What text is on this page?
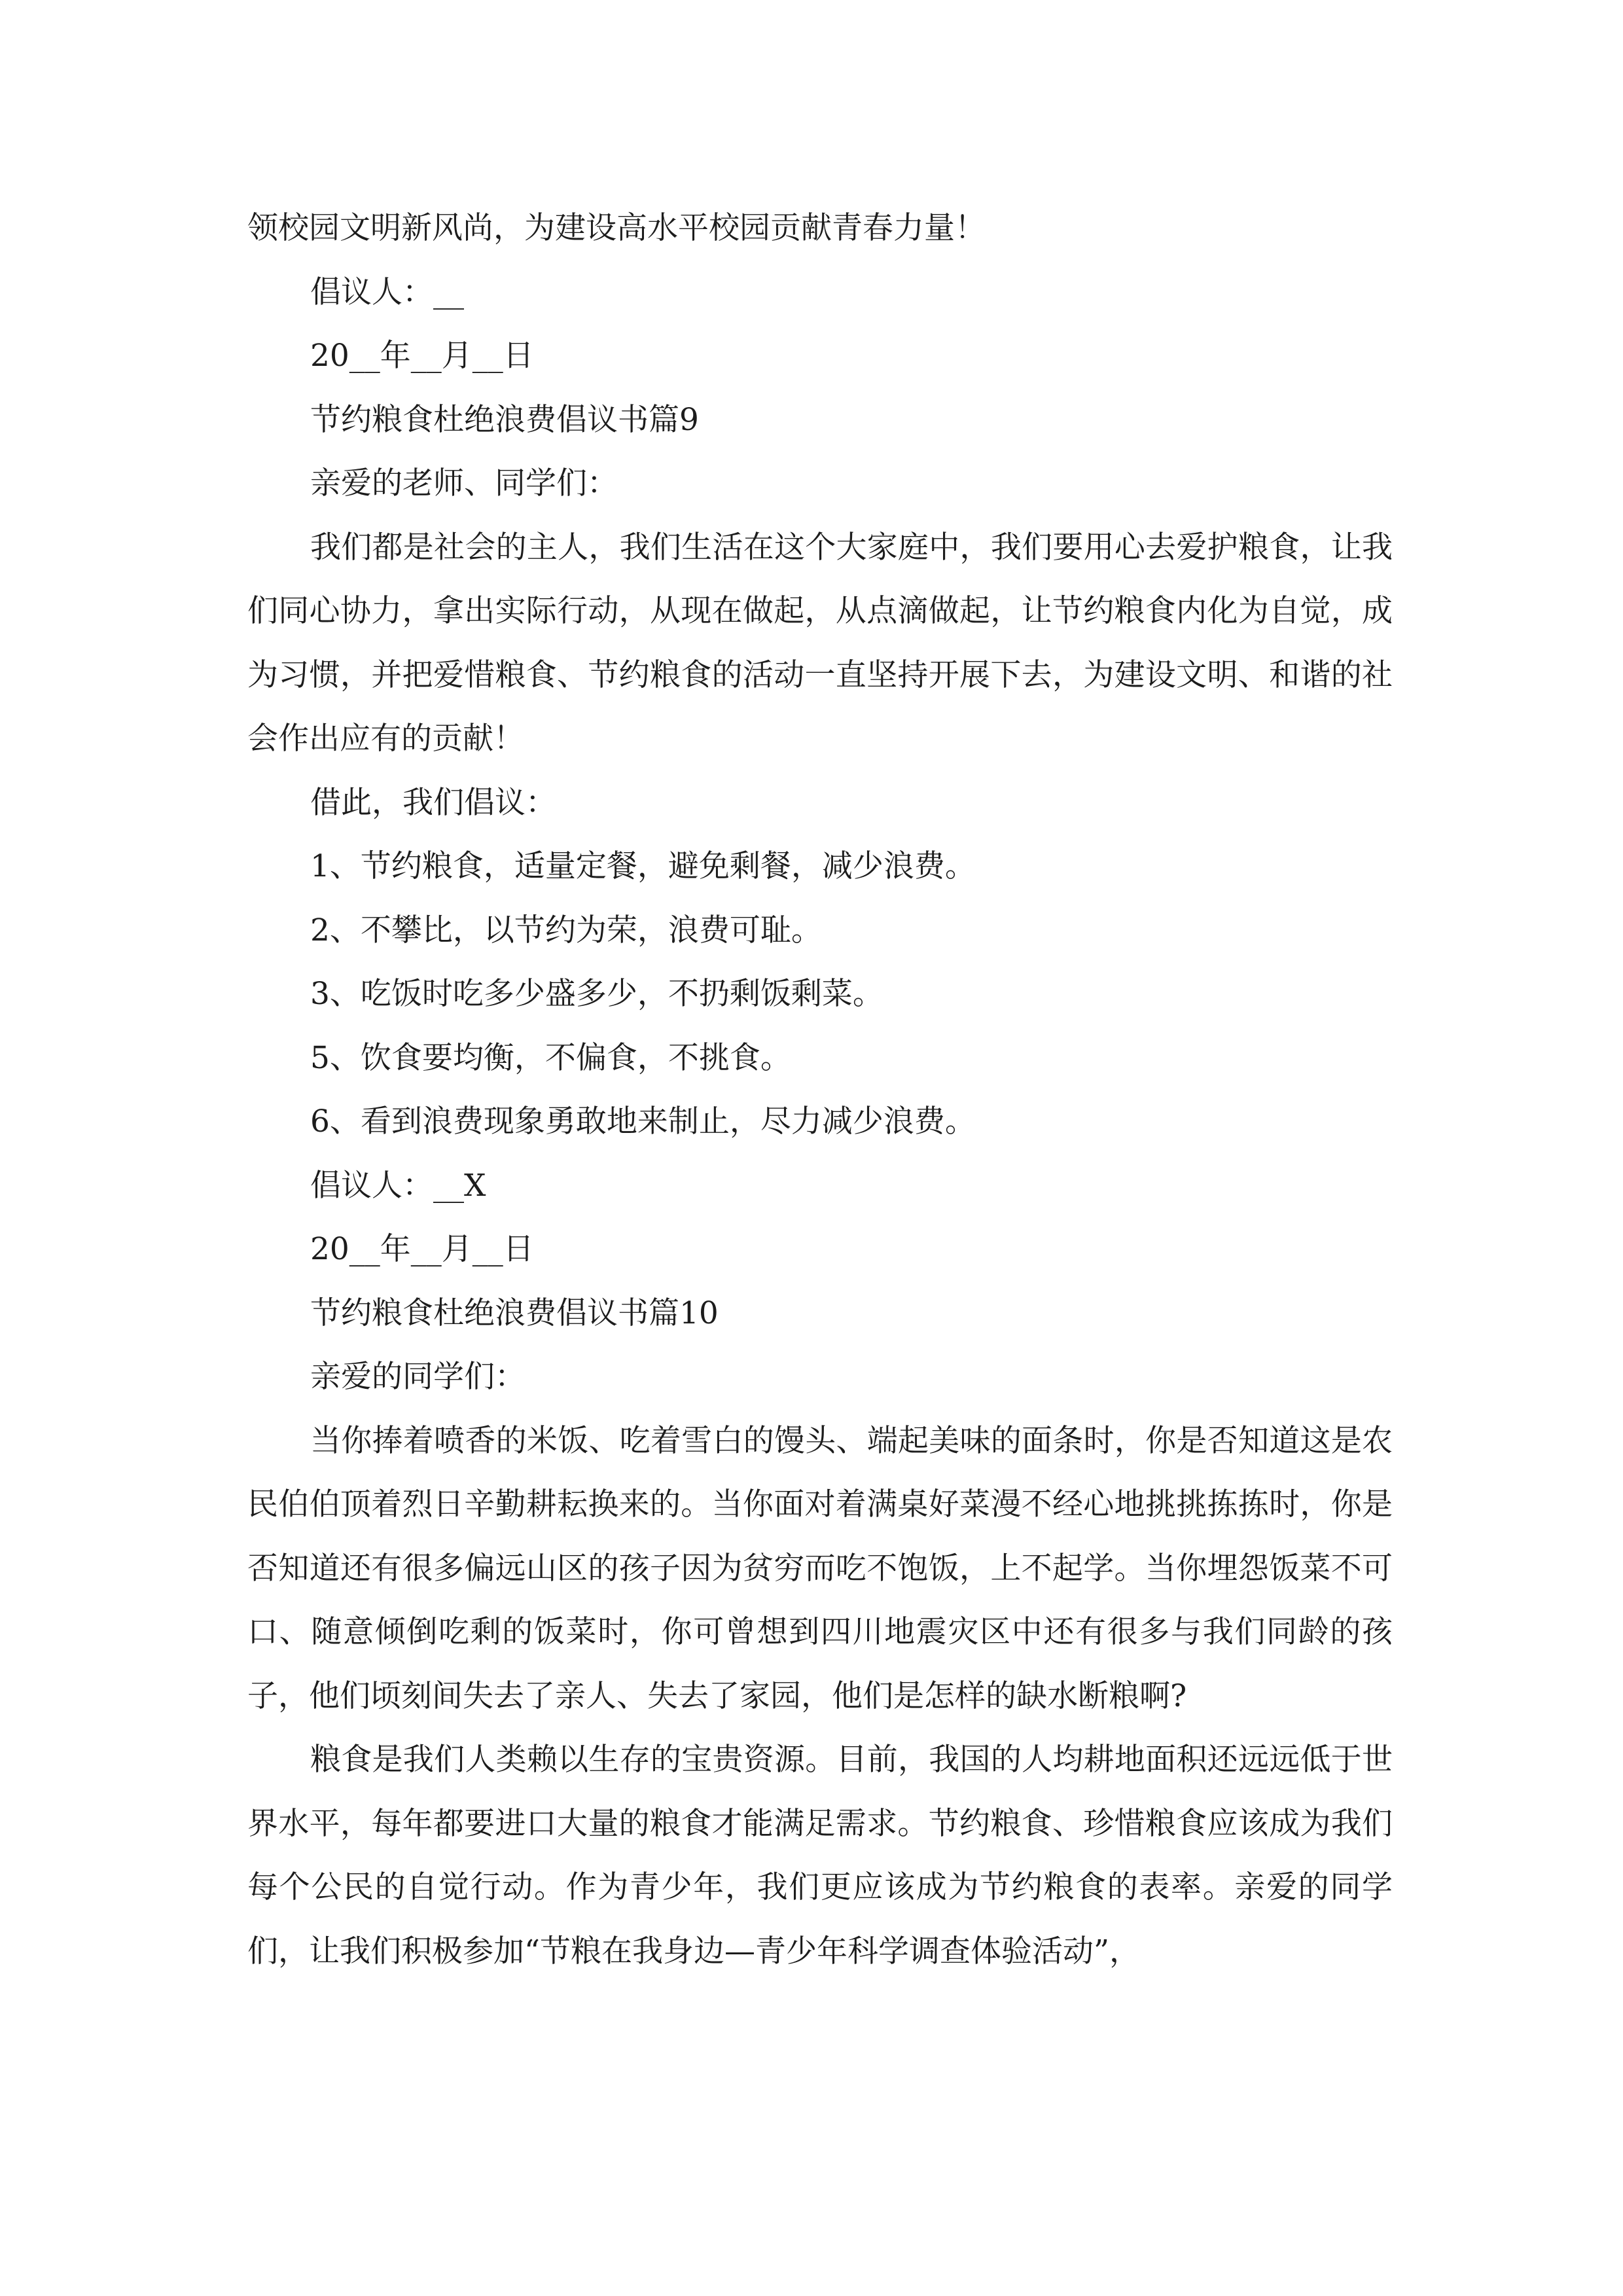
领校园文明新风尚，为建设高水平校园贡献青春力量！

倡议人：__

20__年__月__日

节约粮食杜绝浪费倡议书篇9

亲爱的老师、同学们：

我们都是社会的主人，我们生活在这个大家庭中，我们要用心去爱护粮食，让我们同心协力，拿出实际行动，从现在做起，从点滴做起，让节约粮食内化为自觉，成为习惯，并把爱惜粮食、节约粮食的活动一直坚持开展下去，为建设文明、和谐的社会作出应有的贡献！

借此，我们倡议：

1、节约粮食，适量定餐，避免剩餐，减少浪费。

2、不攀比，以节约为荣，浪费可耻。

3、吃饭时吃多少盛多少，不扔剩饭剩菜。

5、饮食要均衡，不偏食，不挑食。

6、看到浪费现象勇敢地来制止，尽力减少浪费。

倡议人：__X

20__年__月__日

节约粮食杜绝浪费倡议书篇10

亲爱的同学们：

当你捧着喷香的米饭、吃着雪白的馒头、端起美味的面条时，你是否知道这是农民伯伯顶着烈日辛勤耕耘换来的。当你面对着满桌好菜漫不经心地挑挑拣拣时，你是否知道还有很多偏远山区的孩子因为贫穷而吃不饱饭，上不起学。当你埋怨饭菜不可口、随意倾倒吃剩的饭菜时，你可曾想到四川地震灾区中还有很多与我们同龄的孩子，他们顷刻间失去了亲人、失去了家园，他们是怎样的缺水断粮啊?

粮食是我们人类赖以生存的宝贵资源。目前，我国的人均耕地面积还远远低于世界水平，每年都要进口大量的粮食才能满足需求。节约粮食、珍惜粮食应该成为我们每个公民的自觉行动。作为青少年，我们更应该成为节约粮食的表率。亲爱的同学们，让我们积极参加“节粮在我身边—青少年科学调查体验活动”，
